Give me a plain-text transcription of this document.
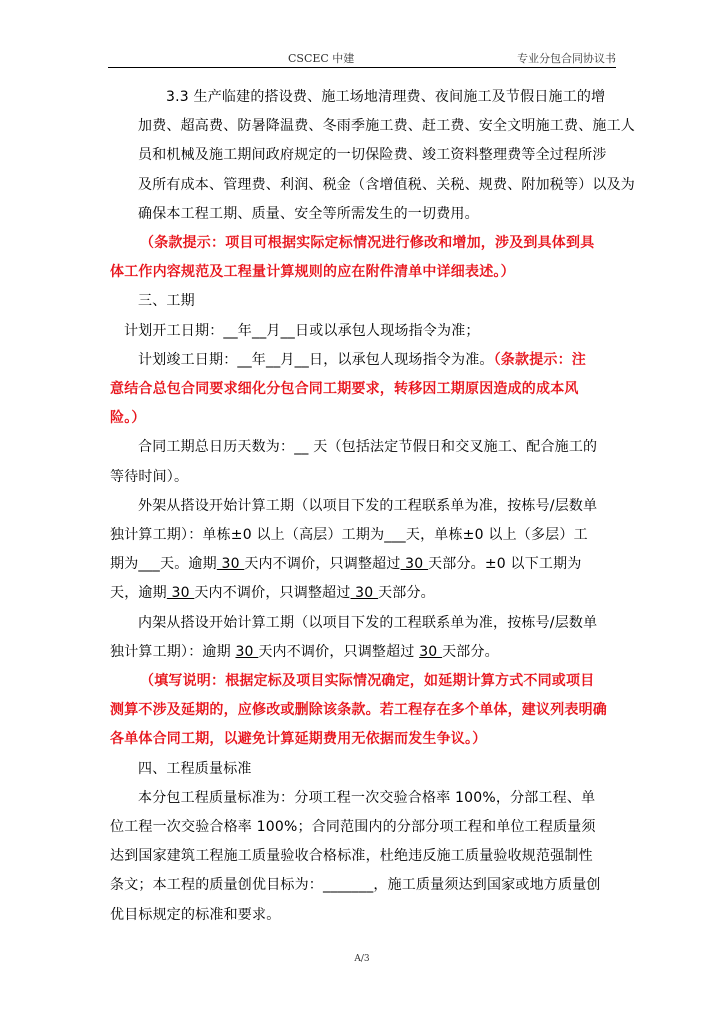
CSCEC 中建	专业分包合同协议书

3.3 生产临建的搭设费、施工场地清理费、夜间施工及节假日施工的增

加费、超高费、防暑降温费、冬雨季施工费、赶工费、安全文明施工费、施工人

员和机械及施工期间政府规定的一切保险费、竣工资料整理费等全过程所涉

及所有成本、管理费、利润、税金（含增值税、关税、规费、附加税等）以及为

确保本工程工期、质量、安全等所需发生的一切费用。

（条款提示：项目可根据实际定标情况进行修改和增加，涉及到具体到具

体工作内容规范及工程量计算规则的应在附件清单中详细表述。）

三、工期

计划开工日期：__年__月__日或以承包人现场指令为准；

计划竣工日期：__年__月__日，以承包人现场指令为准。（条款提示：注

意结合总包合同要求细化分包合同工期要求，转移因工期原因造成的成本风

险。）

合同工期总日历天数为：__ 天（包括法定节假日和交叉施工、配合施工的

等待时间）。

外架从搭设开始计算工期（以项目下发的工程联系单为准，按栋号/层数单

独计算工期）：单栋±0 以上（高层）工期为___天，单栋±0 以上（多层）工

期为___天。逾期 30 天内不调价，只调整超过 30 天部分。±0 以下工期为

天，逾期 30 天内不调价，只调整超过 30 天部分。

内架从搭设开始计算工期（以项目下发的工程联系单为准，按栋号/层数单

独计算工期）：逾期 30 天内不调价，只调整超过 30 天部分。

（填写说明：根据定标及项目实际情况确定，如延期计算方式不同或项目

测算不涉及延期的，应修改或删除该条款。若工程存在多个单体，建议列表明确

各单体合同工期，以避免计算延期费用无依据而发生争议。）

四、工程质量标准

本分包工程质量标准为：分项工程一次交验合格率 100%，分部工程、单

位工程一次交验合格率 100%；合同范围内的分部分项工程和单位工程质量须

达到国家建筑工程施工质量验收合格标准，杜绝违反施工质量验收规范强制性

条文；本工程的质量创优目标为：_______，施工质量须达到国家或地方质量创

优目标规定的标准和要求。

A/3
